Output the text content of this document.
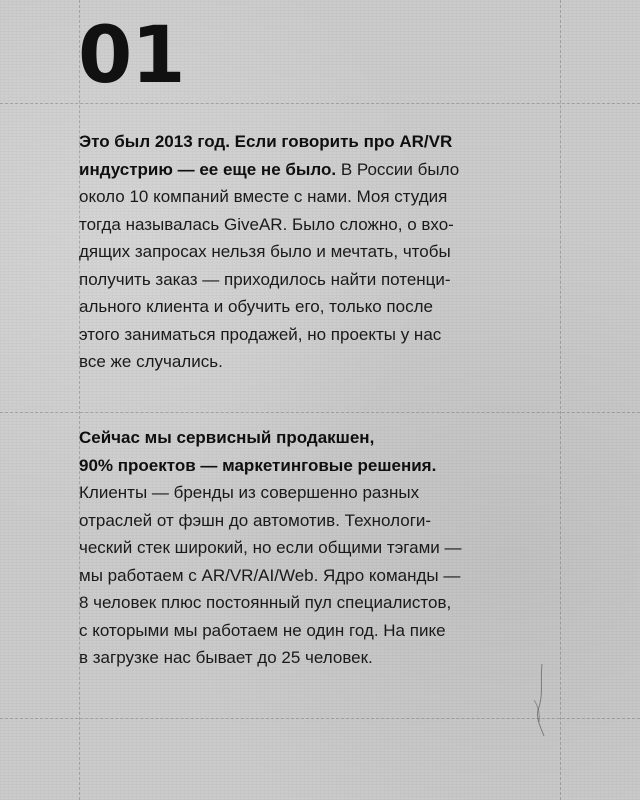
01
Это был 2013 год. Если говорить про AR/VR
индустрию — ее еще не было. В России было
около 10 компаний вместе с нами. Моя студия
тогда называлась GiveAR. Было сложно, о вхо-
дящих запросах нельзя было и мечтать, чтобы
получить заказ — приходилось найти потенци-
ального клиента и обучить его, только после
этого заниматься продажей, но проекты у нас
все же случались.
Сейчас мы сервисный продакшен,
90% проектов — маркетинговые решения.
Клиенты — бренды из совершенно разных
отраслей от фэшн до автомотив. Технологи-
ческий стек широкий, но если общими тэгами —
мы работаем с AR/VR/AI/Web. Ядро команды —
8 человек плюс постоянный пул специалистов,
с которыми мы работаем не один год. На пике
в загрузке нас бывает до 25 человек.
